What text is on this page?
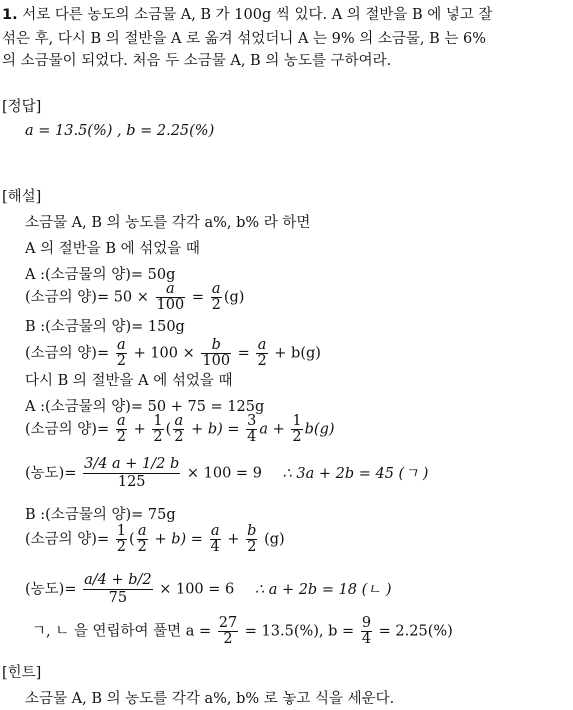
1. 서로 다른 농도의 소금물 A, B 가 100g 씩 있다. A 의 절반을 B 에 넣고 잘
섞은 후, 다시 B 의 절반을 A 로 옮겨 섞었더니 A 는 9% 의 소금물, B 는 6%
의 소금물이 되었다. 처음 두 소금물 A, B 의 농도를 구하여라.
[정답]
a = 13.5(%) , b = 2.25(%)
[해설]
소금물 A, B 의 농도를 각각 a%, b% 라 하면
A 의 절반을 B 에 섞었을 때
A :(소금물의 양)= 50g
(소금의 양)= $50 \times \frac{a}{100} = \frac{a}{2} (g)$
B :(소금물의 양)= 150g
(소금의 양)= $\frac{a}{2} + 100 \times \frac{b}{100} = \frac{a}{2} + b(g)$
다시 B 의 절반을 A 에 섞었을 때
A :(소금물의 양)= 50 + 75 = 125g
(소금의 양)= $\frac{a}{2} + \frac{1}{2}$ ( $\frac{a}{2} + b) = \frac{3}{4}$ $a + \frac{1}{2} b(g)$
(농도)= $\frac{3/4 a + 1/2 b}{125} \times 100 = 9$ ∴ 3a + 2b = 45 (ㄱ )
B :(소금물의 양)= 75g
(소금의 양)= $\frac{1}{2}$ ( $\frac{a}{2} + b) = \frac{a}{4} + \frac{b}{2} (g)$
(농도)= $\frac{a/4 + b/2}{75} \times 100 = 6$ ∴ a + 2b = 18 (ㄴ )
ㄱ, ㄴ 을 연립하여 풀면 $a = \frac{27}{2} = 13.5(\%)$, $b = \frac{9}{4} = 2.25(\%)$
[힌트]
소금물 A, B 의 농도를 각각 a%, b% 로 놓고 식을 세운다.
